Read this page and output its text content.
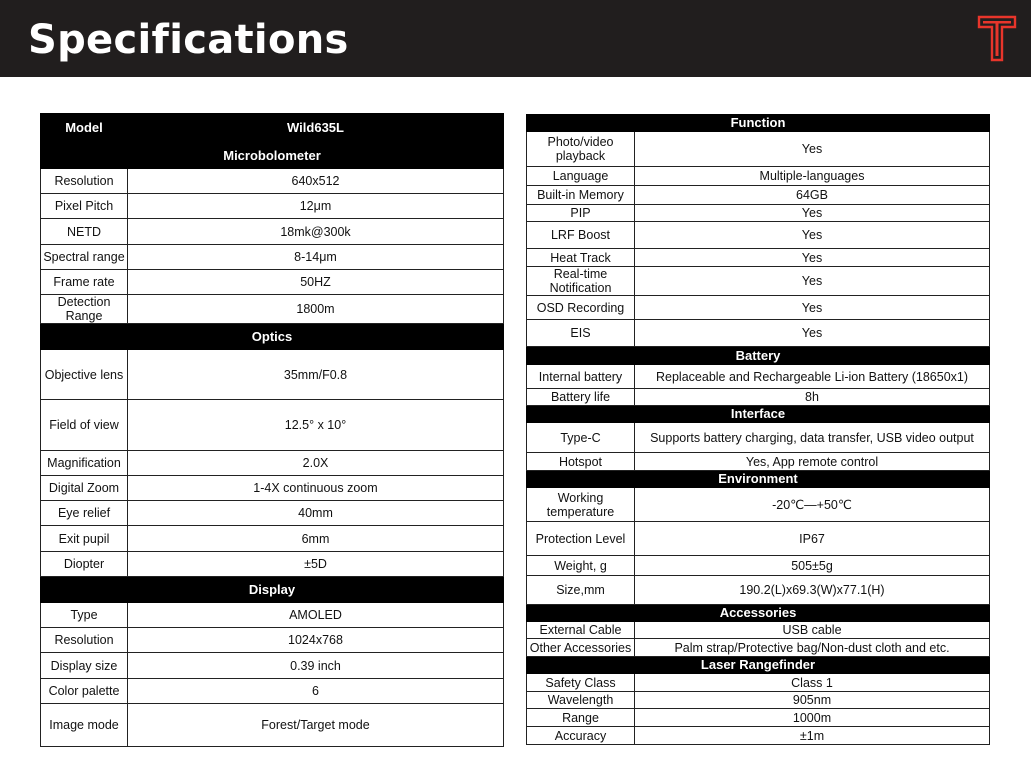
Specifications
Model	Wild635L
Microbolometer	
Resolution	640x512
Pixel Pitch	12μm
NETD	18mk@300k
Spectral range	8-14μm
Frame rate	50HZ
Detection Range	1800m
Optics	
Objective lens	35mm/F0.8
Field of view	12.5° x 10°
Magnification	2.0X
Digital Zoom	1-4X continuous zoom
Eye relief	40mm
Exit pupil	6mm
Diopter	±5D
Display	
Type	AMOLED
Resolution	1024x768
Display size	0.39 inch
Color palette	6
Image mode	Forest/Target mode
Function	
Photo/video playback	Yes
Language	Multiple-languages
Built-in Memory	64GB
PIP	Yes
LRF Boost	Yes
Heat Track	Yes
Real-time Notification	Yes
OSD Recording	Yes
EIS	Yes
Battery	
Internal battery	Replaceable and Rechargeable Li-ion Battery (18650x1)
Battery life	8h
Interface	
Type-C	Supports battery charging, data transfer, USB video output
Hotspot	Yes, App remote control
Environment	
Working temperature	-20℃—+50℃
Protection Level	IP67
Weight, g	505±5g
Size,mm	190.2(L)x69.3(W)x77.1(H)
Accessories	
External Cable	USB cable
Other Accessories	Palm strap/Protective bag/Non-dust cloth and etc.
Laser Rangefinder	
Safety Class	Class 1
Wavelength	905nm
Range	1000m
Accuracy	±1m
